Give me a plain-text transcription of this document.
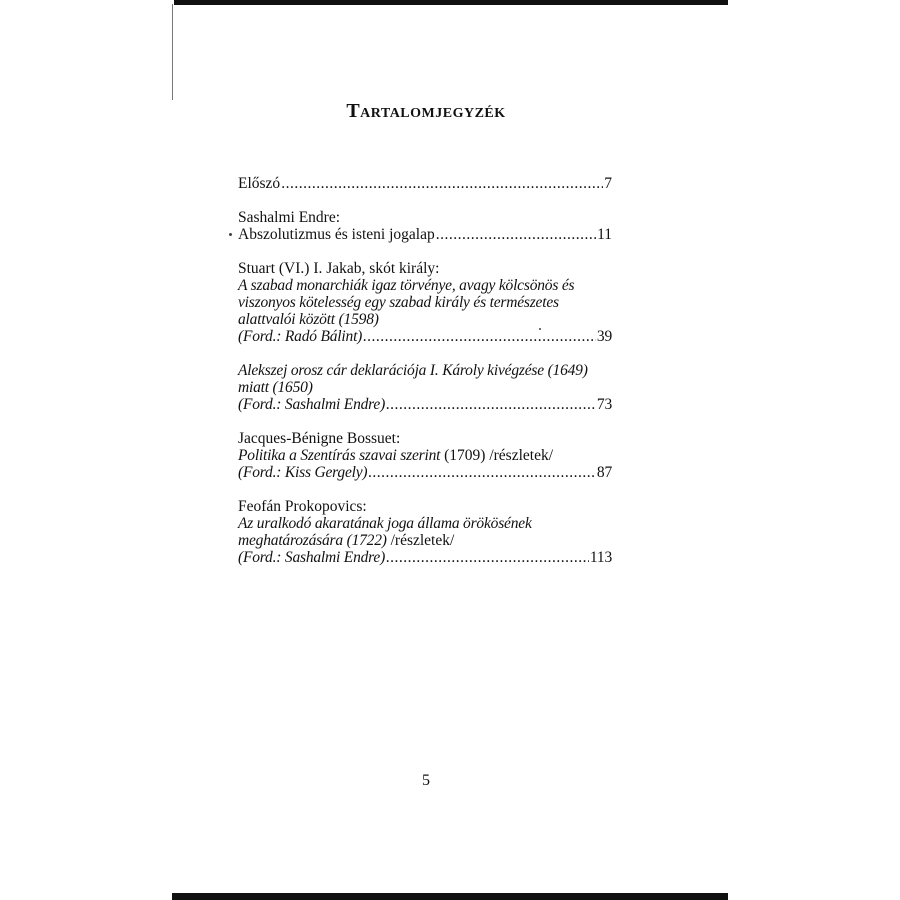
Tartalomjegyzék
Előszó .....	7
Sashalmi Endre:
Abszolutizmus és isteni jogalap .....	11
Stuart (VI.) I. Jakab, skót király:
A szabad monarchiák igaz törvénye, avagy kölcsönös és viszonyos kötelesség egy szabad király és természetes alattvalói között (1598)
(Ford.: Radó Bálint) .....	39
Alekszej orosz cár deklarációja I. Károly kivégzése (1649) miatt (1650)
(Ford.: Sashalmi Endre) .....	73
Jacques-Bénigne Bossuet:
Politika a Szentírás szavai szerint (1709) /részletek/
(Ford.: Kiss Gergely) .....	87
Feofán Prokopovics:
Az uralkodó akaratának joga államа örökösének meghatározására (1722) /részletek/
(Ford.: Sashalmi Endre) .....	113
5
